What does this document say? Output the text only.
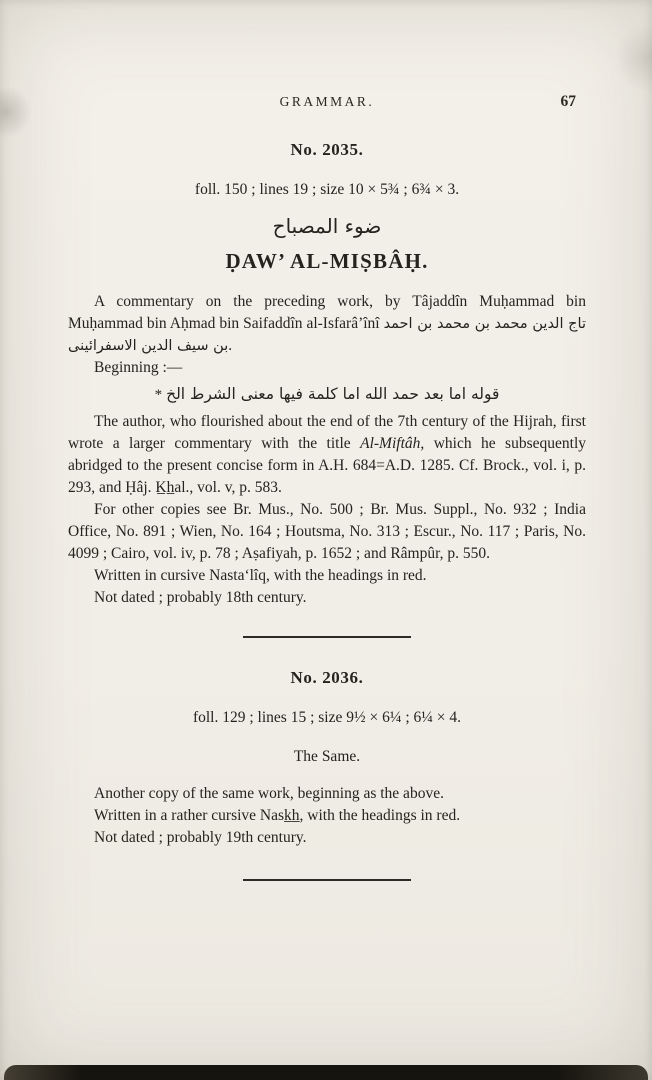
GRAMMAR.	67
No. 2035.

foll. 150 ; lines 19 ; size 10 × 5¾ ; 6¾ × 3.

ضوء المصباح

ḌAW’ AL-MIṢBÂḤ.

A commentary on the preceding work, by Tâjaddîn Muḥammad bin Muḥammad bin Aḥmad bin Saifaddîn al-Isfarâ’înî تاج الدين محمد بن محمد بن احمد بن سيف الدين الاسفرائينى.

Beginning :—

* قوله اما بعد حمد الله اما كلمة فيها معنى الشرط الخ

The author, who flourished about the end of the 7th century of the Hijrah, first wrote a larger commentary with the title Al-Miftâh, which he subsequently abridged to the present concise form in A.H. 684=A.D. 1285. Cf. Brock., vol. i, p. 293, and Ḥâj. K̲h̲al., vol. v, p. 583.

For other copies see Br. Mus., No. 500 ; Br. Mus. Suppl., No. 932 ; India Office, No. 891 ; Wien, No. 164 ; Houtsma, No. 313 ; Escur., No. 117 ; Paris, No. 4099 ; Cairo, vol. iv, p. 78 ; Aṣafiyah, p. 1652 ; and Râmpûr, p. 550.

Written in cursive Nastaʻlîq, with the headings in red.

Not dated ; probably 18th century.

No. 2036.

foll. 129 ; lines 15 ; size 9½ × 6¼ ; 6¼ × 4.

The Same.

Another copy of the same work, beginning as the above.

Written in a rather cursive Nask̲h̲, with the headings in red.

Not dated ; probably 19th century.
